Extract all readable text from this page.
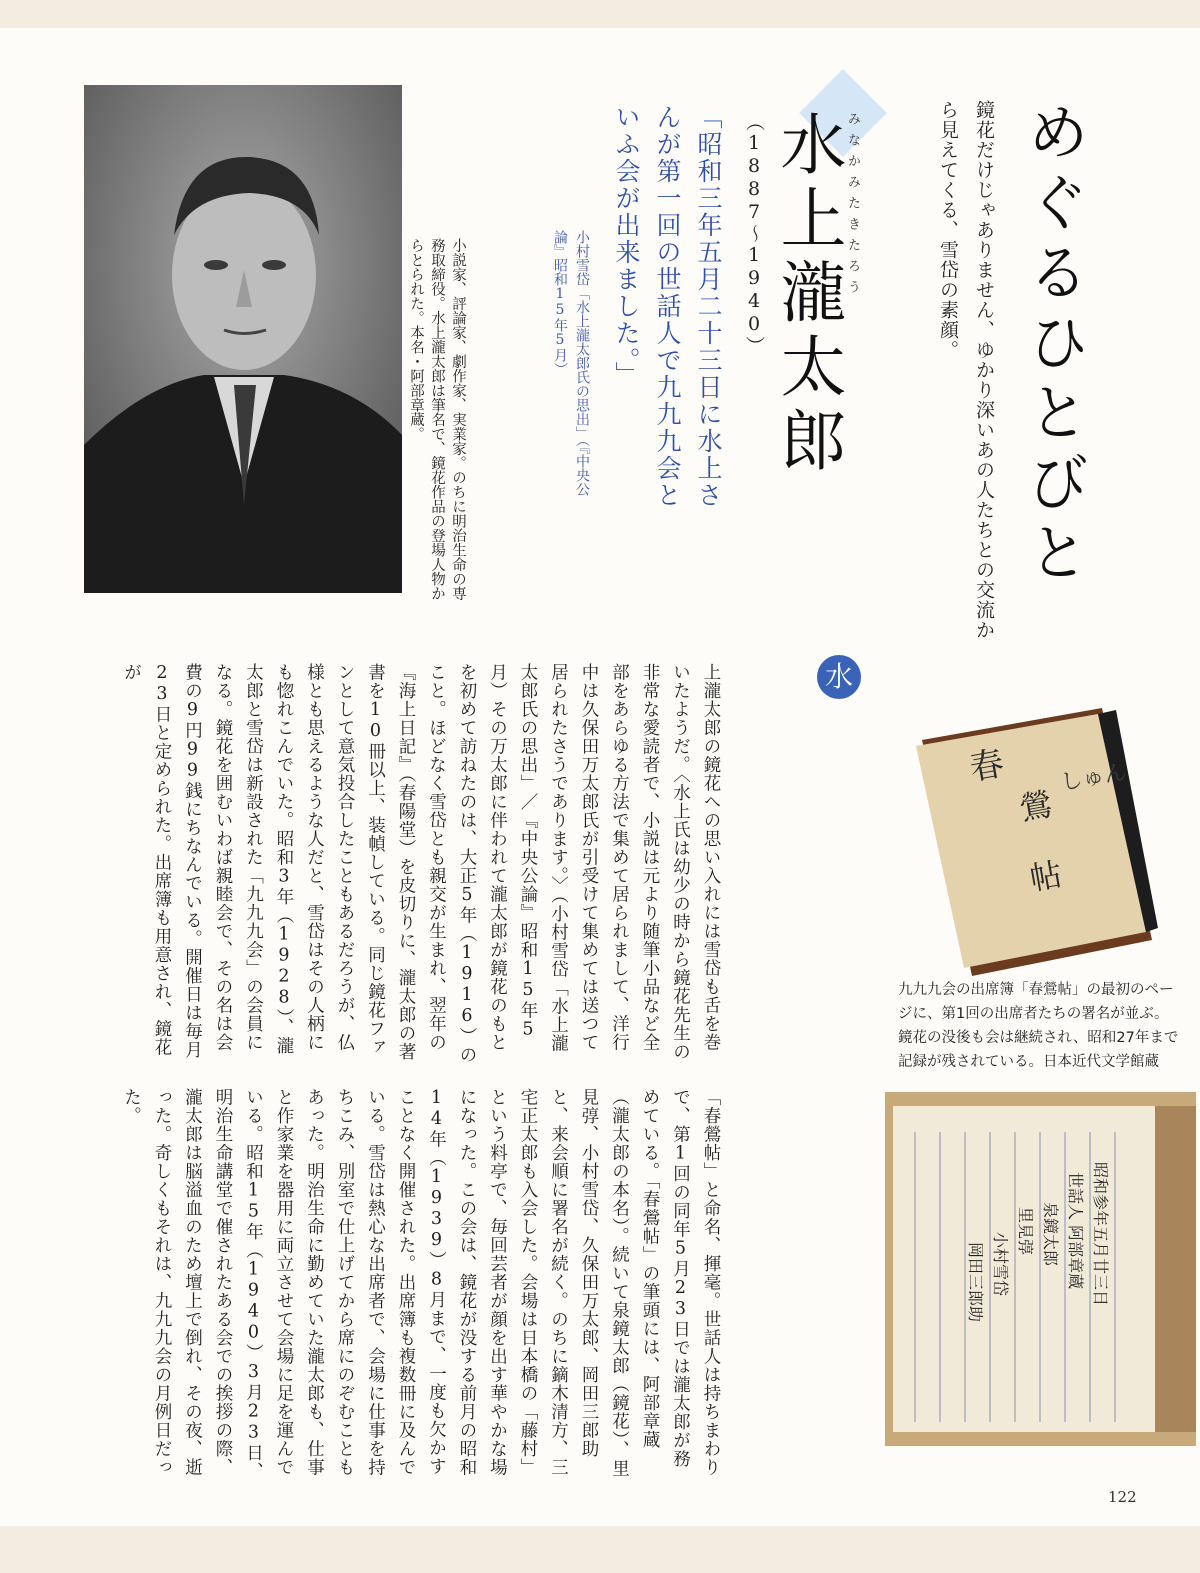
めぐるひとびと
鏡花だけじゃありません、ゆかり深いあの人たちとの交流から見えてくる、雪岱の素顔。
みなかみたきたろう
水上瀧太郎
（1887〜1940）
「昭和三年五月二十三日に水上さんが第一回の世話人で九九九会といふ会が出来ました。」
小村雪岱「水上瀧太郎氏の思出」（『中央公論』昭和15年5月）
小説家、評論家、劇作家、実業家。のちに明治生命の専務取締役。水上瀧太郎は筆名で、鏡花作品の登場人物からとられた。本名・阿部章蔵。
水
上瀧太郎の鏡花への思い入れには雪岱も舌を巻いたようだ。〈水上氏は幼少の時から鏡花先生の非常な愛読者で、小説は元より随筆小品など全部をあらゆる方法で集めて居られまして、洋行中は久保田万太郎氏が引受けて集めては送つて居られたさうであります。〉（小村雪岱「水上瀧太郎氏の思出」／『中央公論』昭和15年5月）その万太郎に伴われて瀧太郎が鏡花のもとを初めて訪ねたのは、大正5年（1916）のこと。ほどなく雪岱とも親交が生まれ、翌年の『海上日記』（春陽堂）を皮切りに、瀧太郎の著書を10冊以上、装幀している。同じ鏡花ファンとして意気投合したこともあるだろうが、仏様とも思えるような人だと、雪岱はその人柄にも惚れこんでいた。昭和3年（1928）、瀧太郎と雪岱は新設された「九九九会」の会員になる。鏡花を囲むいわば親睦会で、その名は会費の9円99銭にちなんでいる。開催日は毎月23日と定められた。出席簿も用意され、鏡花が
「春鶯帖」と命名、揮毫。世話人は持ちまわりで、第1回の同年5月23日では瀧太郎が務めている。「春鶯帖」の筆頭には、阿部章蔵（瀧太郎の本名）。続いて泉鏡太郎（鏡花）、里見弴、小村雪岱、久保田万太郎、岡田三郎助と、来会順に署名が続く。のちに鏑木清方、三宅正太郎も入会した。会場は日本橋の「藤村」という料亭で、毎回芸者が顔を出す華やかな場になった。この会は、鏡花が没する前月の昭和14年（1939）8月まで、一度も欠かすことなく開催された。出席簿も複数冊に及んでいる。雪岱は熱心な出席者で、会場に仕事を持ちこみ、別室で仕上げてから席にのぞむこともあった。明治生命に勤めていた瀧太郎も、仕事と作家業を器用に両立させて会場に足を運んでいる。昭和15年（1940）3月23日、明治生命講堂で催されたある会での挨拶の際、瀧太郎は脳溢血のため壇上で倒れ、その夜、逝った。奇しくもそれは、九九九会の月例日だった。
春
鶯
帖
しゅん
九九九会の出席簿「春鶯帖」の最初のページに、第1回の出席者たちの署名が並ぶ。鏡花の没後も会は継続され、昭和27年まで記録が残されている。日本近代文学館蔵
昭和参年五月廿三日
世話人 阿部章蔵
泉鏡太郎
里見弴
小村雪岱
岡田三郎助
122
